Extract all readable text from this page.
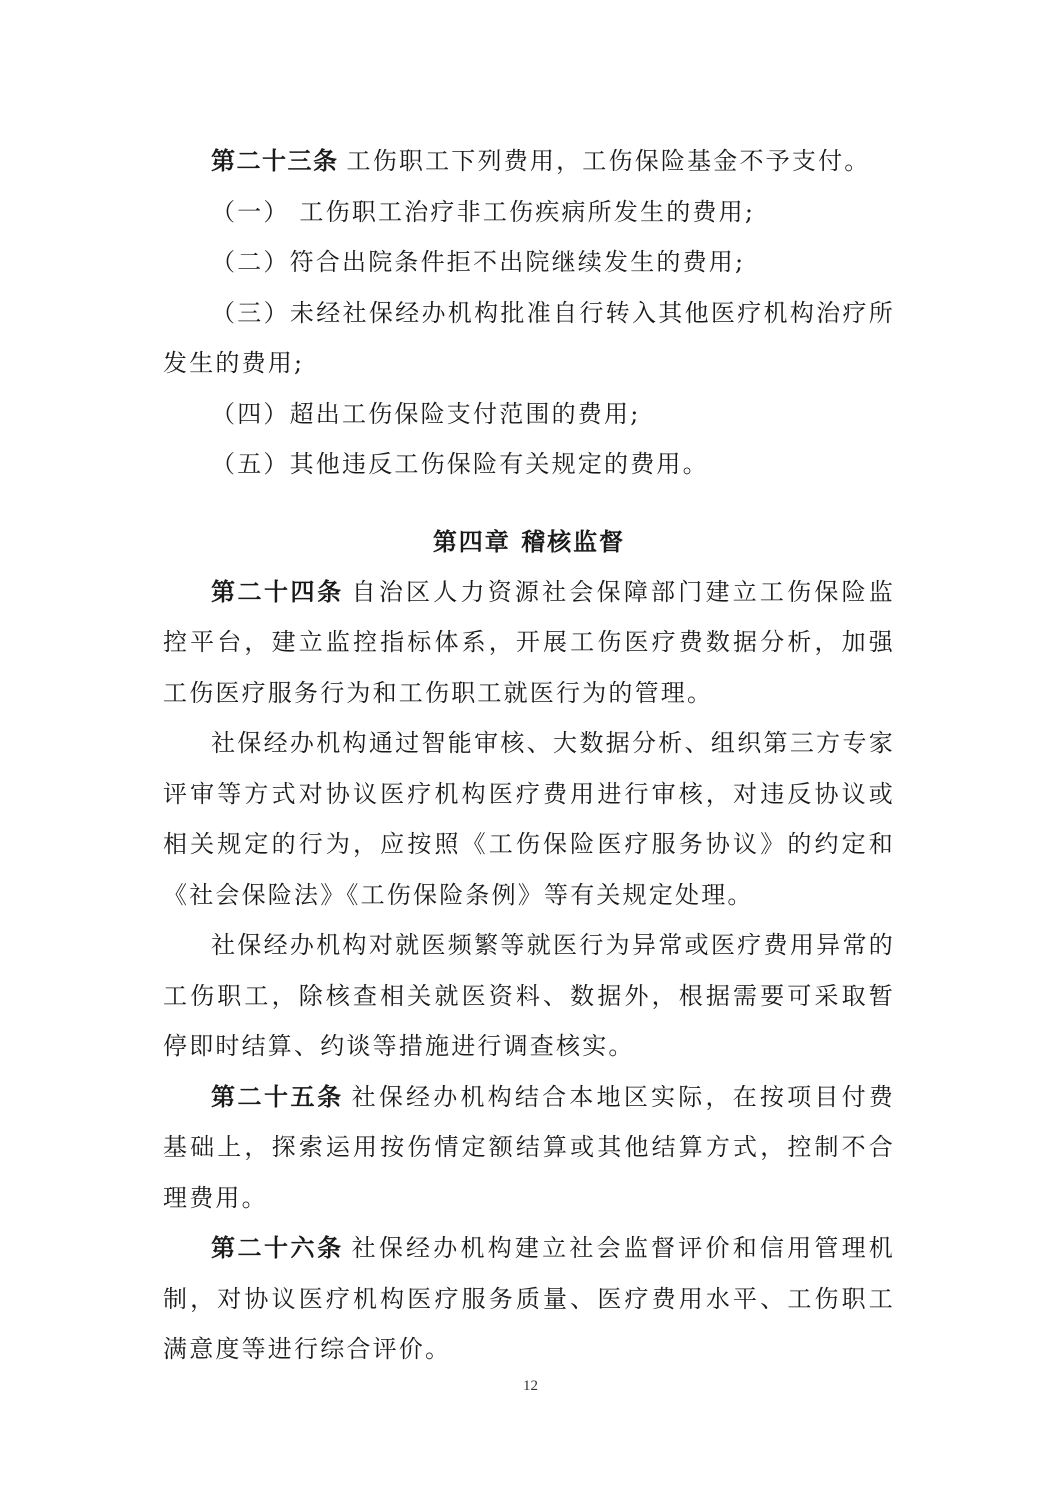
第二十三条 工伤职工下列费用，工伤保险基金不予支付。

（一） 工伤职工治疗非工伤疾病所发生的费用;

（二）符合出院条件拒不出院继续发生的费用;

（三）未经社保经办机构批准自行转入其他医疗机构治疗所发生的费用;

（四）超出工伤保险支付范围的费用;

（五）其他违反工伤保险有关规定的费用。

第四章 稽核监督

第二十四条 自治区人力资源社会保障部门建立工伤保险监控平台，建立监控指标体系，开展工伤医疗费数据分析，加强工伤医疗服务行为和工伤职工就医行为的管理。

社保经办机构通过智能审核、大数据分析、组织第三方专家评审等方式对协议医疗机构医疗费用进行审核，对违反协议或相关规定的行为，应按照《工伤保险医疗服务协议》的约定和《社会保险法》《工伤保险条例》等有关规定处理。

社保经办机构对就医频繁等就医行为异常或医疗费用异常的工伤职工，除核查相关就医资料、数据外，根据需要可采取暂停即时结算、约谈等措施进行调查核实。

第二十五条 社保经办机构结合本地区实际，在按项目付费基础上，探索运用按伤情定额结算或其他结算方式，控制不合理费用。

第二十六条 社保经办机构建立社会监督评价和信用管理机制，对协议医疗机构医疗服务质量、医疗费用水平、工伤职工满意度等进行综合评价。

12
